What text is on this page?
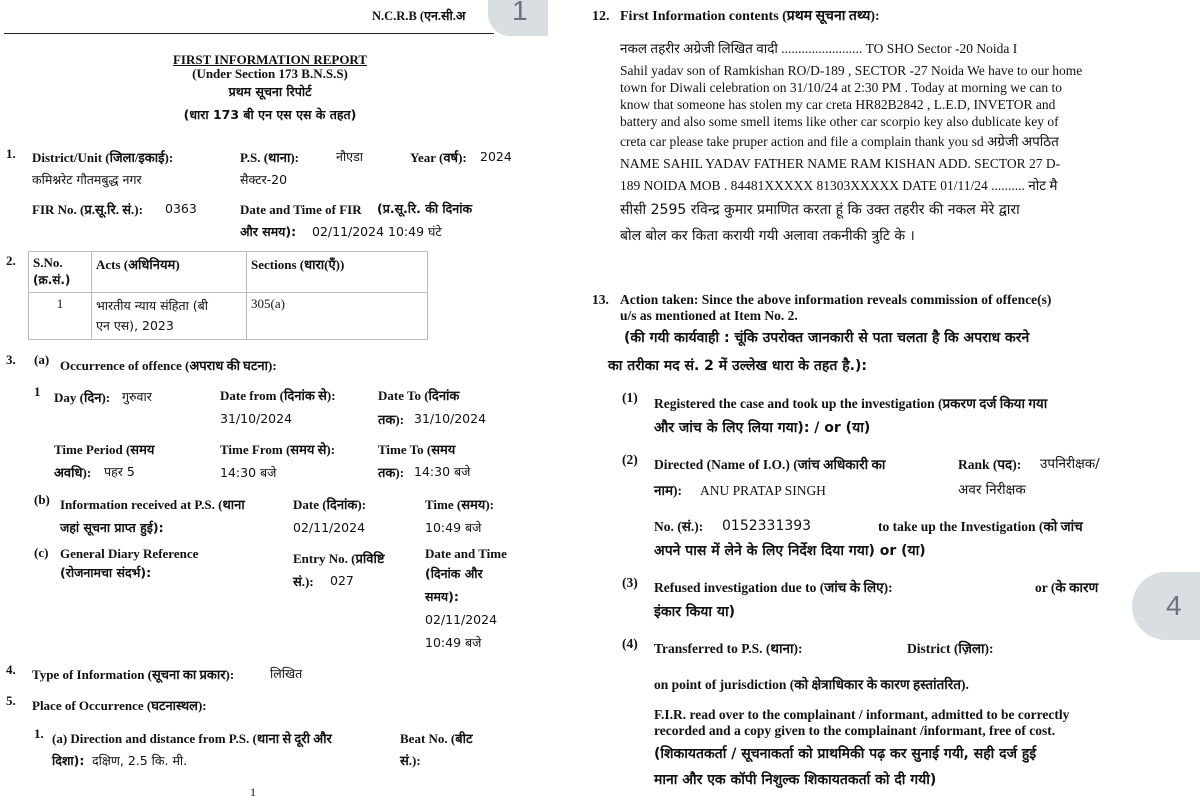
N.C.R.B (एन.सी.अ	1
FIRST INFORMATION REPORT
(Under Section 173 B.N.S.S)
प्रथम सूचना रिपोर्ट
(धारा 173 बी एन एस एस के तहत)
1. District/Unit (जिला/इकाई):
कमिश्नरेट गौतमबुद्ध नगर
P.S. (थाना):	नौएडा
सैक्टर-20
Year (वर्ष): 2024
FIR No. (प्र.सू.रि. सं.): 0363	Date and Time of FIR (प्र.सू.रि. की दिनांक
और समय): 02/11/2024 10:49 घंटे
2. S.No.
(क्र.सं.)	Acts (अधिनियम)	Sections (धारा(एँ))
1	भारतीय न्याय संहिता (बी
एन एस), 2023	305(a)
3. (a) Occurrence of offence (अपराध की घटना):
1 Day (दिन): गुरुवार	Date from (दिनांक से):
31/10/2024
Date To (दिनांक
तक): 31/10/2024
Time Period (समय
अवधि): पहर 5
Time From (समय से):
14:30 बजे
Time To (समय
तक): 14:30 बजे
(b) Information received at P.S. (थाना
जहां सूचना प्राप्त हुई):
Date (दिनांक):
02/11/2024
Time (समय):
10:49 बजे
(c) General Diary Reference
(रोजनामचा संदर्भ):
Entry No. (प्रविष्टि
सं.): 027
Date and Time
(दिनांक और
समय):
02/11/2024
10:49 बजे
4. Type of Information (सूचना का प्रकार):	लिखित
5. Place of Occurrence (घटनास्थल):
1. (a) Direction and distance from P.S. (थाना से दूरी और
दिशा): दक्षिण, 2.5 कि. मी.
Beat No. (बीट
सं.):
1
12. First Information contents (प्रथम सूचना तथ्य):
नकल तहरीर अग्रेजी लिखित वादी ........................ TO SHO Sector -20 Noida I
Sahil yadav son of Ramkishan RO/D-189 , SECTOR -27 Noida We have to our home
town for Diwali celebration on 31/10/24 at 2:30 PM . Today at morning we can to
know that someone has stolen my car creta HR82B2842 , L.E.D, INVETOR and
battery and also some smell items like other car scorpio key also dublicate key of
creta car please take pruper action and file a complain thank you sd अग्रेजी अपठित
NAME SAHIL YADAV FATHER NAME RAM KISHAN ADD. SECTOR 27 D-
189 NOIDA MOB . 84481XXXXX 81303XXXXX DATE 01/11/24 .......... नोट मै
सीसी 2595 रविन्द्र कुमार प्रमाणित करता हूं कि उक्त तहरीर की नकल मेरे द्वारा
बोल बोल कर किता करायी गयी अलावा तकनीकी त्रुटि के ।
13. Action taken: Since the above information reveals commission of offence(s)
u/s as mentioned at Item No. 2.
(की गयी कार्यवाही : चूंकि उपरोक्त जानकारी से पता चलता है कि अपराध करने
का तरीका मद सं. 2 में उल्लेख धारा के तहत है.):
(1) Registered the case and took up the investigation (प्रकरण दर्ज किया गया
और जांच के लिए लिया गया): / or (या)
(2) Directed (Name of I.O.) (जांच अधिकारी का
नाम): ANU PRATAP SINGH
Rank (पद): उपनिरीक्षक/
अवर निरीक्षक
No. (सं.): 0152331393	to take up the Investigation (को जांच
अपने पास में लेने के लिए निर्देश दिया गया) or (या)
(3) Refused investigation due to (जांच के लिए):	or (के कारण
इंकार किया या)
(4) Transferred to P.S. (थाना):	District (ज़िला):
on point of jurisdiction (को क्षेत्राधिकार के कारण हस्तांतरित).
F.I.R. read over to the complainant / informant, admitted to be correctly
recorded and a copy given to the complainant /informant, free of cost.
(शिकायतकर्ता / सूचनाकर्ता को प्राथमिकी पढ़ कर सुनाई गयी, सही दर्ज हुई
माना और एक कॉपी निशुल्क शिकायतकर्ता को दी गयी)
4
